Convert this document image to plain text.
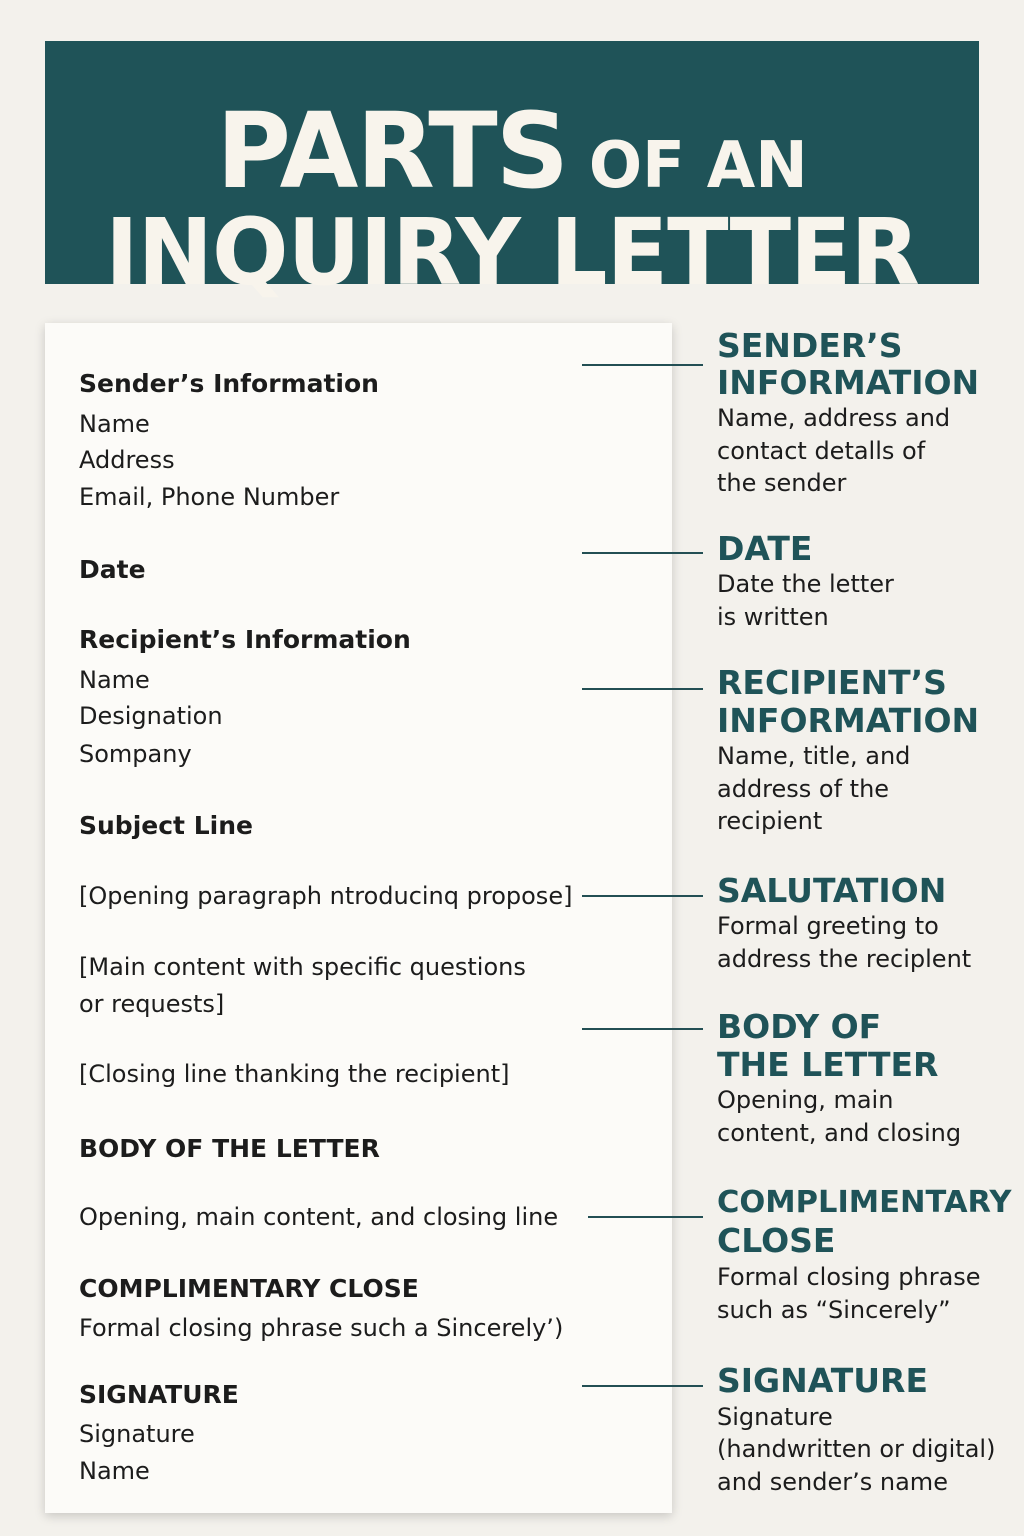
PARTS OF AN
INQUIRY LETTER
Sender’s Information
Name
Address
Email, Phone Number
Date
Recipient’s Information
Name
Designation
Sompany
Subject Line
[Opening paragraph ntroducinq propose]
[Main content with specific questions
or requests]
[Closing line thanking the recipient]
BODY OF THE LETTER
Opening, main content, and closing line
COMPLIMENTARY CLOSE
Formal closing phrase such a Sincerely’)
SIGNATURE
Signature
Name
SENDER’S
INFORMATION
Name, address and
contact detalls of
the sender
DATE
Date the letter
is written
RECIPIENT’S
INFORMATION
Name, title, and
address of the
recipient
SALUTATION
Formal greeting to
address the reciplent
BODY OF
THE LETTER
Opening, main
content, and closing
COMPLIMENTARY
CLOSE
Formal closing phrase
such as “Sincerely”
SIGNATURE
Signature
(handwritten or digital)
and sender’s name
